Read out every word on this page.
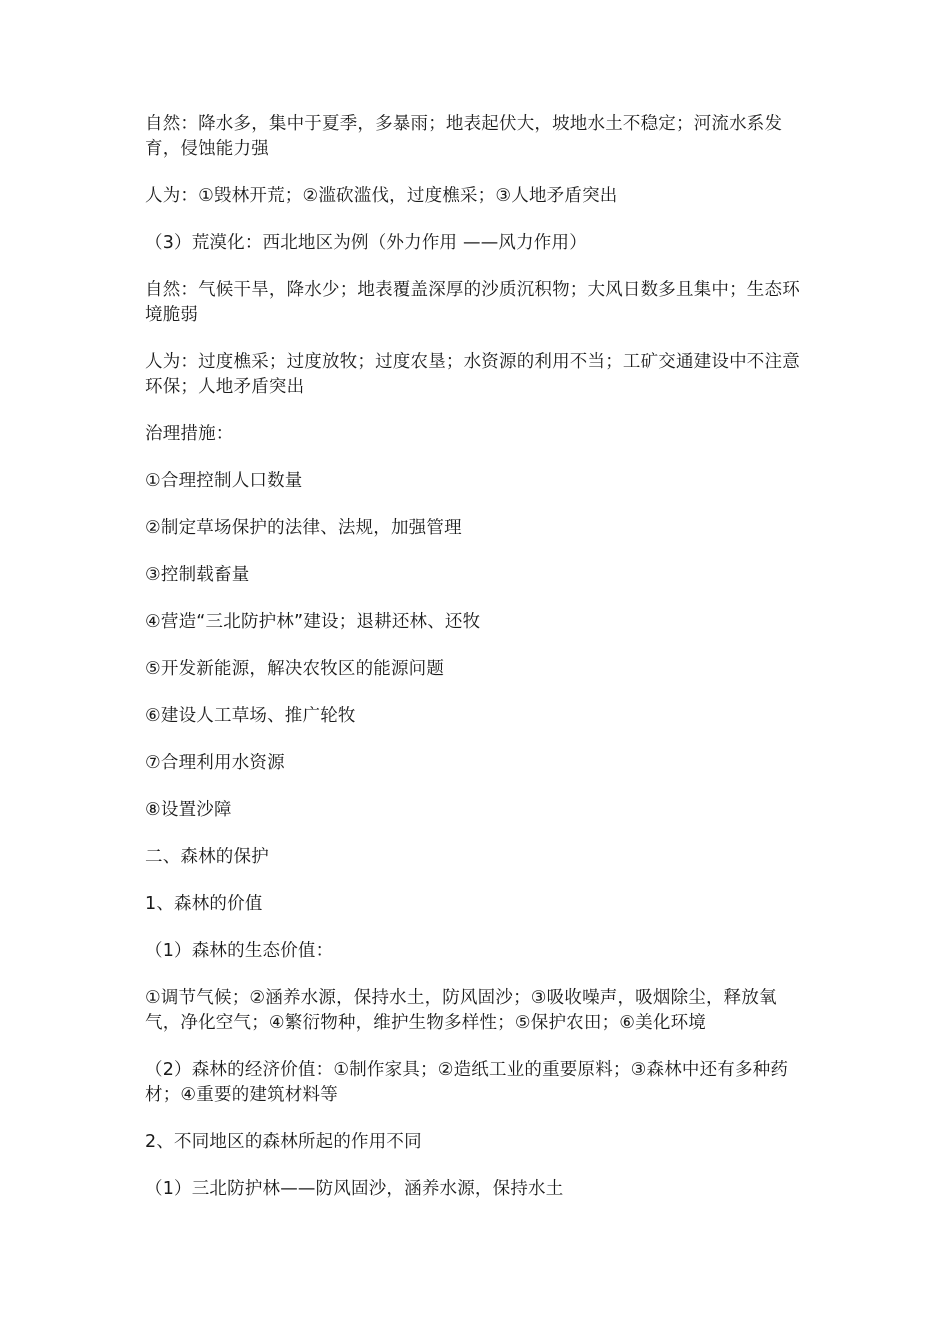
自然：降水多，集中于夏季，多暴雨；地表起伏大，坡地水土不稳定；河流水系发育，侵蚀能力强

人为：①毁林开荒；②滥砍滥伐，过度樵采；③人地矛盾突出

（3）荒漠化：西北地区为例（外力作用 ——风力作用）

自然：气候干旱，降水少；地表覆盖深厚的沙质沉积物；大风日数多且集中；生态环境脆弱

人为：过度樵采；过度放牧；过度农垦；水资源的利用不当；工矿交通建设中不注意环保；人地矛盾突出

治理措施：

①合理控制人口数量

②制定草场保护的法律、法规，加强管理

③控制载畜量

④营造“三北防护林”建设；退耕还林、还牧

⑤开发新能源，解决农牧区的能源问题

⑥建设人工草场、推广轮牧

⑦合理利用水资源

⑧设置沙障

二、森林的保护

1、森林的价值

（1）森林的生态价值：

①调节气候；②涵养水源，保持水土，防风固沙；③吸收噪声，吸烟除尘，释放氧气，净化空气；④繁衍物种，维护生物多样性；⑤保护农田；⑥美化环境

（2）森林的经济价值：①制作家具；②造纸工业的重要原料；③森林中还有多种药材；④重要的建筑材料等

2、不同地区的森林所起的作用不同

（1）三北防护林——防风固沙，涵养水源，保持水土
